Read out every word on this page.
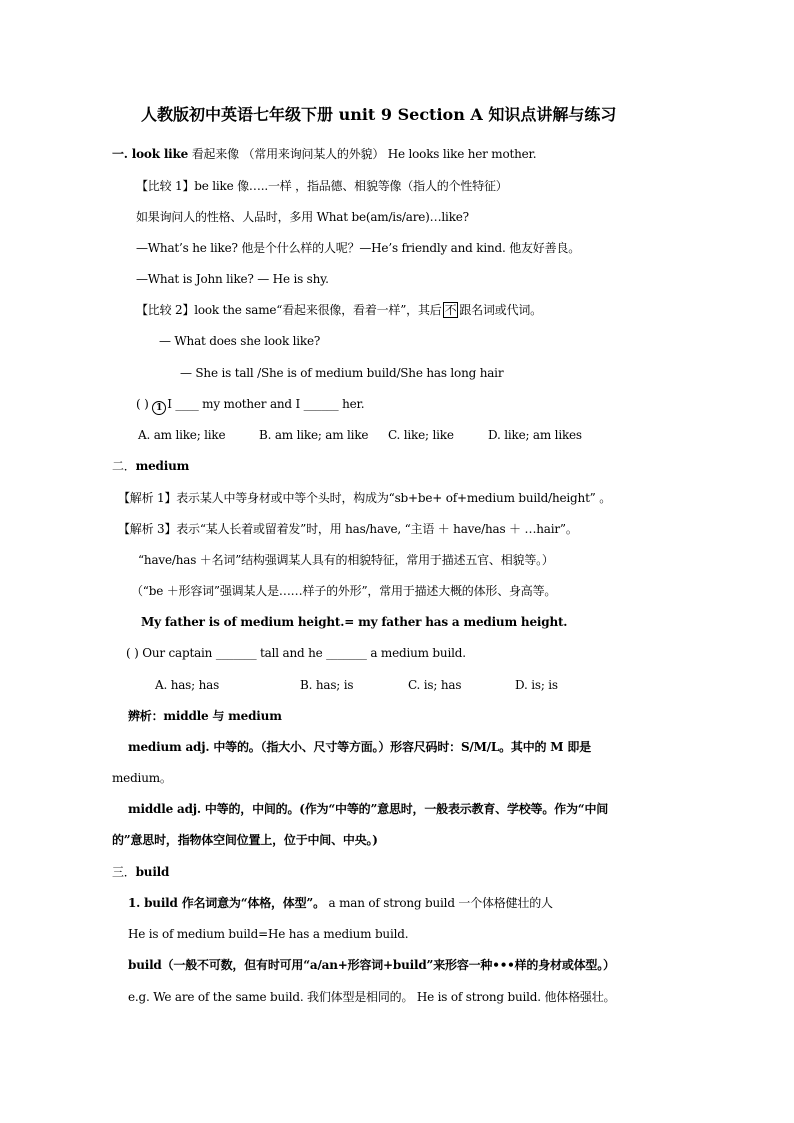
人教版初中英语七年级下册 unit 9 Section A 知识点讲解与练习
一. look like 看起来像 （常用来询问某人的外貌） He looks like her mother.
【比较 1】be like 像…..一样 ，指品德、相貌等像（指人的个性特征）
如果询问人的性格、人品时，多用 What be(am/is/are)…like?
—What’s he like? 他是个什么样的人呢？—He’s friendly and kind. 他友好善良。
—What is John like? — He is shy.
【比较 2】look the same“看起来很像，看着一样”，其后 不 跟名词或代词。
— What does she look like?
— She is tall /She is of medium build/She has long hair
( ) 1 I ____ my mother and I ______ her.
A. am like; like	B. am like; am like C. like; like	D. like; am likes
二．medium
【解析 1】表示某人中等身材或中等个头时，构成为“sb+be+ of+medium build/height” 。
【解析 3】表示“某人长着或留着发”时，用 has/have, “主语 ＋ have/has ＋ …hair”。
“have/has ＋名词”结构强调某人具有的相貌特征，常用于描述五官、相貌等。）
（“be ＋形容词”强调某人是……样子的外形”，常用于描述大概的体形、身高等。
My father is of medium height.= my father has a medium height.
( ) Our captain _______ tall and he _______ a medium build.
A. has; has	B. has; is	C. is; has	D. is; is
辨析：middle 与 medium
medium adj. 中等的。（指大小、尺寸等方面。）形容尺码时：S/M/L。其中的 M 即是
medium。
middle adj. 中等的，中间的。(作为“中等的”意思时，一般表示教育、学校等。作为“中间
的”意思时，指物体空间位置上，位于中间、中央。)
三．build
1. build 作名词意为“体格，体型”。 a man of strong build 一个体格健壮的人
He is of medium build=He has a medium build.
build（一般不可数，但有时可用“a/an+形容词+build”来形容一种•••样的身材或体型。）
e.g. We are of the same build. 我们体型是相同的。 He is of strong build. 他体格强壮。
